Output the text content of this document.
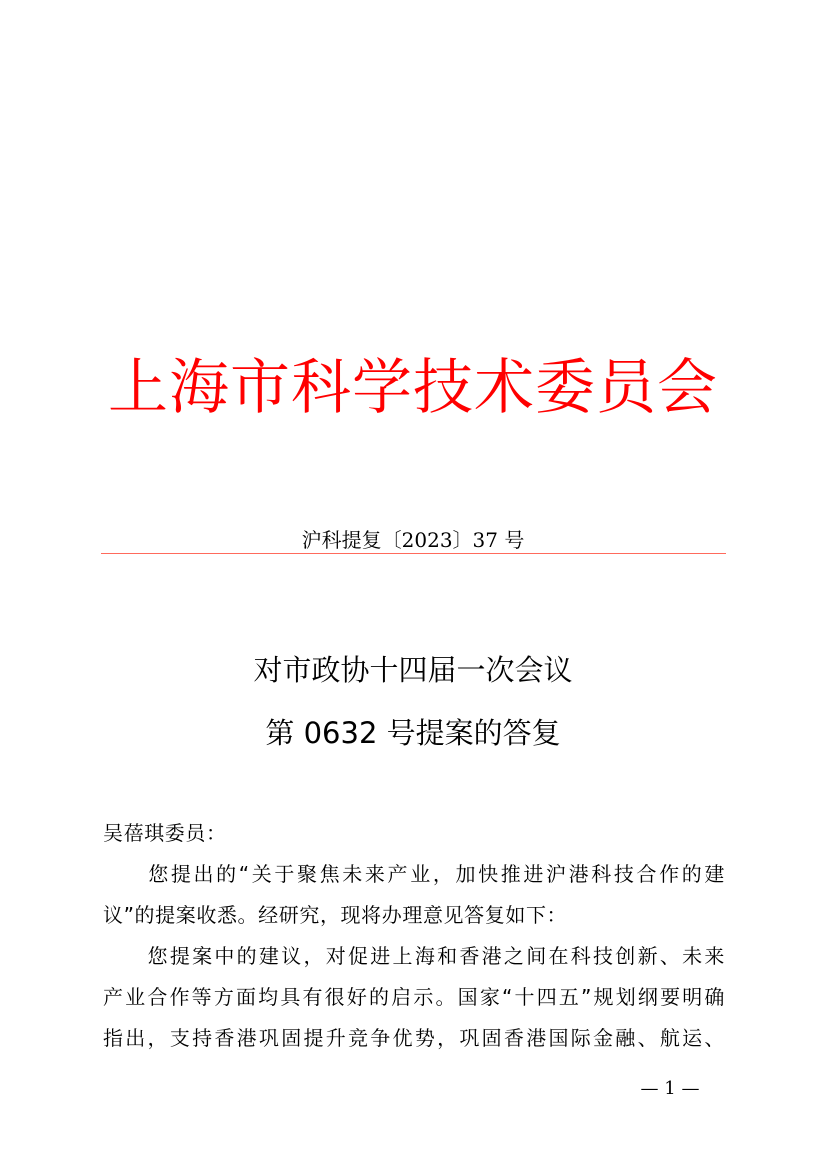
上海市科学技术委员会
沪科提复〔2023〕37 号
对市政协十四届一次会议
第 0632 号提案的答复
吴蓓琪委员：
　　您提出的“关于聚焦未来产业，加快推进沪港科技合作的建
议”的提案收悉。经研究，现将办理意见答复如下：
　　您提案中的建议，对促进上海和香港之间在科技创新、未来
产业合作等方面均具有很好的启示。国家“十四五”规划纲要明确
指出，支持香港巩固提升竞争优势，巩固香港国际金融、航运、
— 1 —
